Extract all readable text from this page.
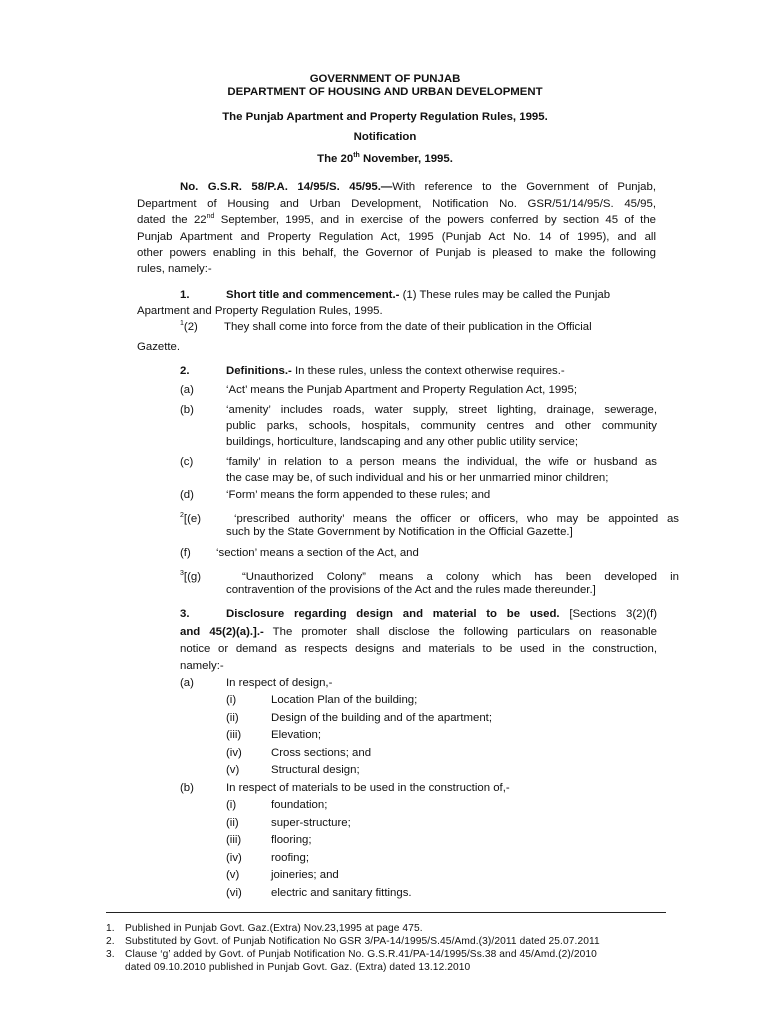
GOVERNMENT OF PUNJAB
DEPARTMENT OF HOUSING AND URBAN DEVELOPMENT
The Punjab Apartment and Property Regulation Rules, 1995.
Notification
The 20th November, 1995.
No. G.S.R. 58/P.A. 14/95/S. 45/95.—With reference to the Government of Punjab,
Department of Housing and Urban Development, Notification No. GSR/51/14/95/S. 45/95,
dated the 22nd September, 1995, and in exercise of the powers conferred by section 45 of the
Punjab Apartment and Property Regulation Act, 1995 (Punjab Act No. 14 of 1995), and all
other powers enabling in this behalf, the Governor of Punjab is pleased to make the following
rules, namely:-
1.	Short title and commencement.- (1) These rules may be called the Punjab
Apartment and Property Regulation Rules, 1995.
$^1$(2) They shall come into force from the date of their publication in the Official
Gazette.
2.	Definitions.- In these rules, unless the context otherwise requires.-
(a)	‘Act’ means the Punjab Apartment and Property Regulation Act, 1995;
(b)	‘amenity’ includes roads, water supply, street lighting, drainage, sewerage,
public parks, schools, hospitals, community centres and other community
buildings, horticulture, landscaping and any other public utility service;
(c)	‘family’ in relation to a person means the individual, the wife or husband as
the case may be, of such individual and his or her unmarried minor children;
(d)	‘Form’ means the form appended to these rules; and
$^2$[(e)	‘prescribed authority’ means the officer or officers, who may be appointed as
such by the State Government by Notification in the Official Gazette.]
(f) ‘section’ means a section of the Act, and
$^3$[(g)	“Unauthorized Colony” means a colony which has been developed in
contravention of the provisions of the Act and the rules made thereunder.]
3.	Disclosure regarding design and material to be used. [Sections 3(2)(f)
and 45(2)(a).].- The promoter shall disclose the following particulars on reasonable
notice or demand as respects designs and materials to be used in the construction,
namely:-
(a)	In respect of design,-
(i)	Location Plan of the building;
(ii)	Design of the building and of the apartment;
(iii)	Elevation;
(iv)	Cross sections; and
(v)	Structural design;
(b)	In respect of materials to be used in the construction of,-
(i)	foundation;
(ii)	super-structure;
(iii)	flooring;
(iv)	roofing;
(v)	joineries; and
(vi)	electric and sanitary fittings.
1. Published in Punjab Govt. Gaz.(Extra) Nov.23,1995 at page 475.
2. Substituted by Govt. of Punjab Notification No GSR 3/PA-14/1995/S.45/Amd.(3)/2011 dated 25.07.2011
3. Clause ‘g’ added by Govt. of Punjab Notification No. G.S.R.41/PA-14/1995/Ss.38 and 45/Amd.(2)/2010
dated 09.10.2010 published in Punjab Govt. Gaz. (Extra) dated 13.12.2010
